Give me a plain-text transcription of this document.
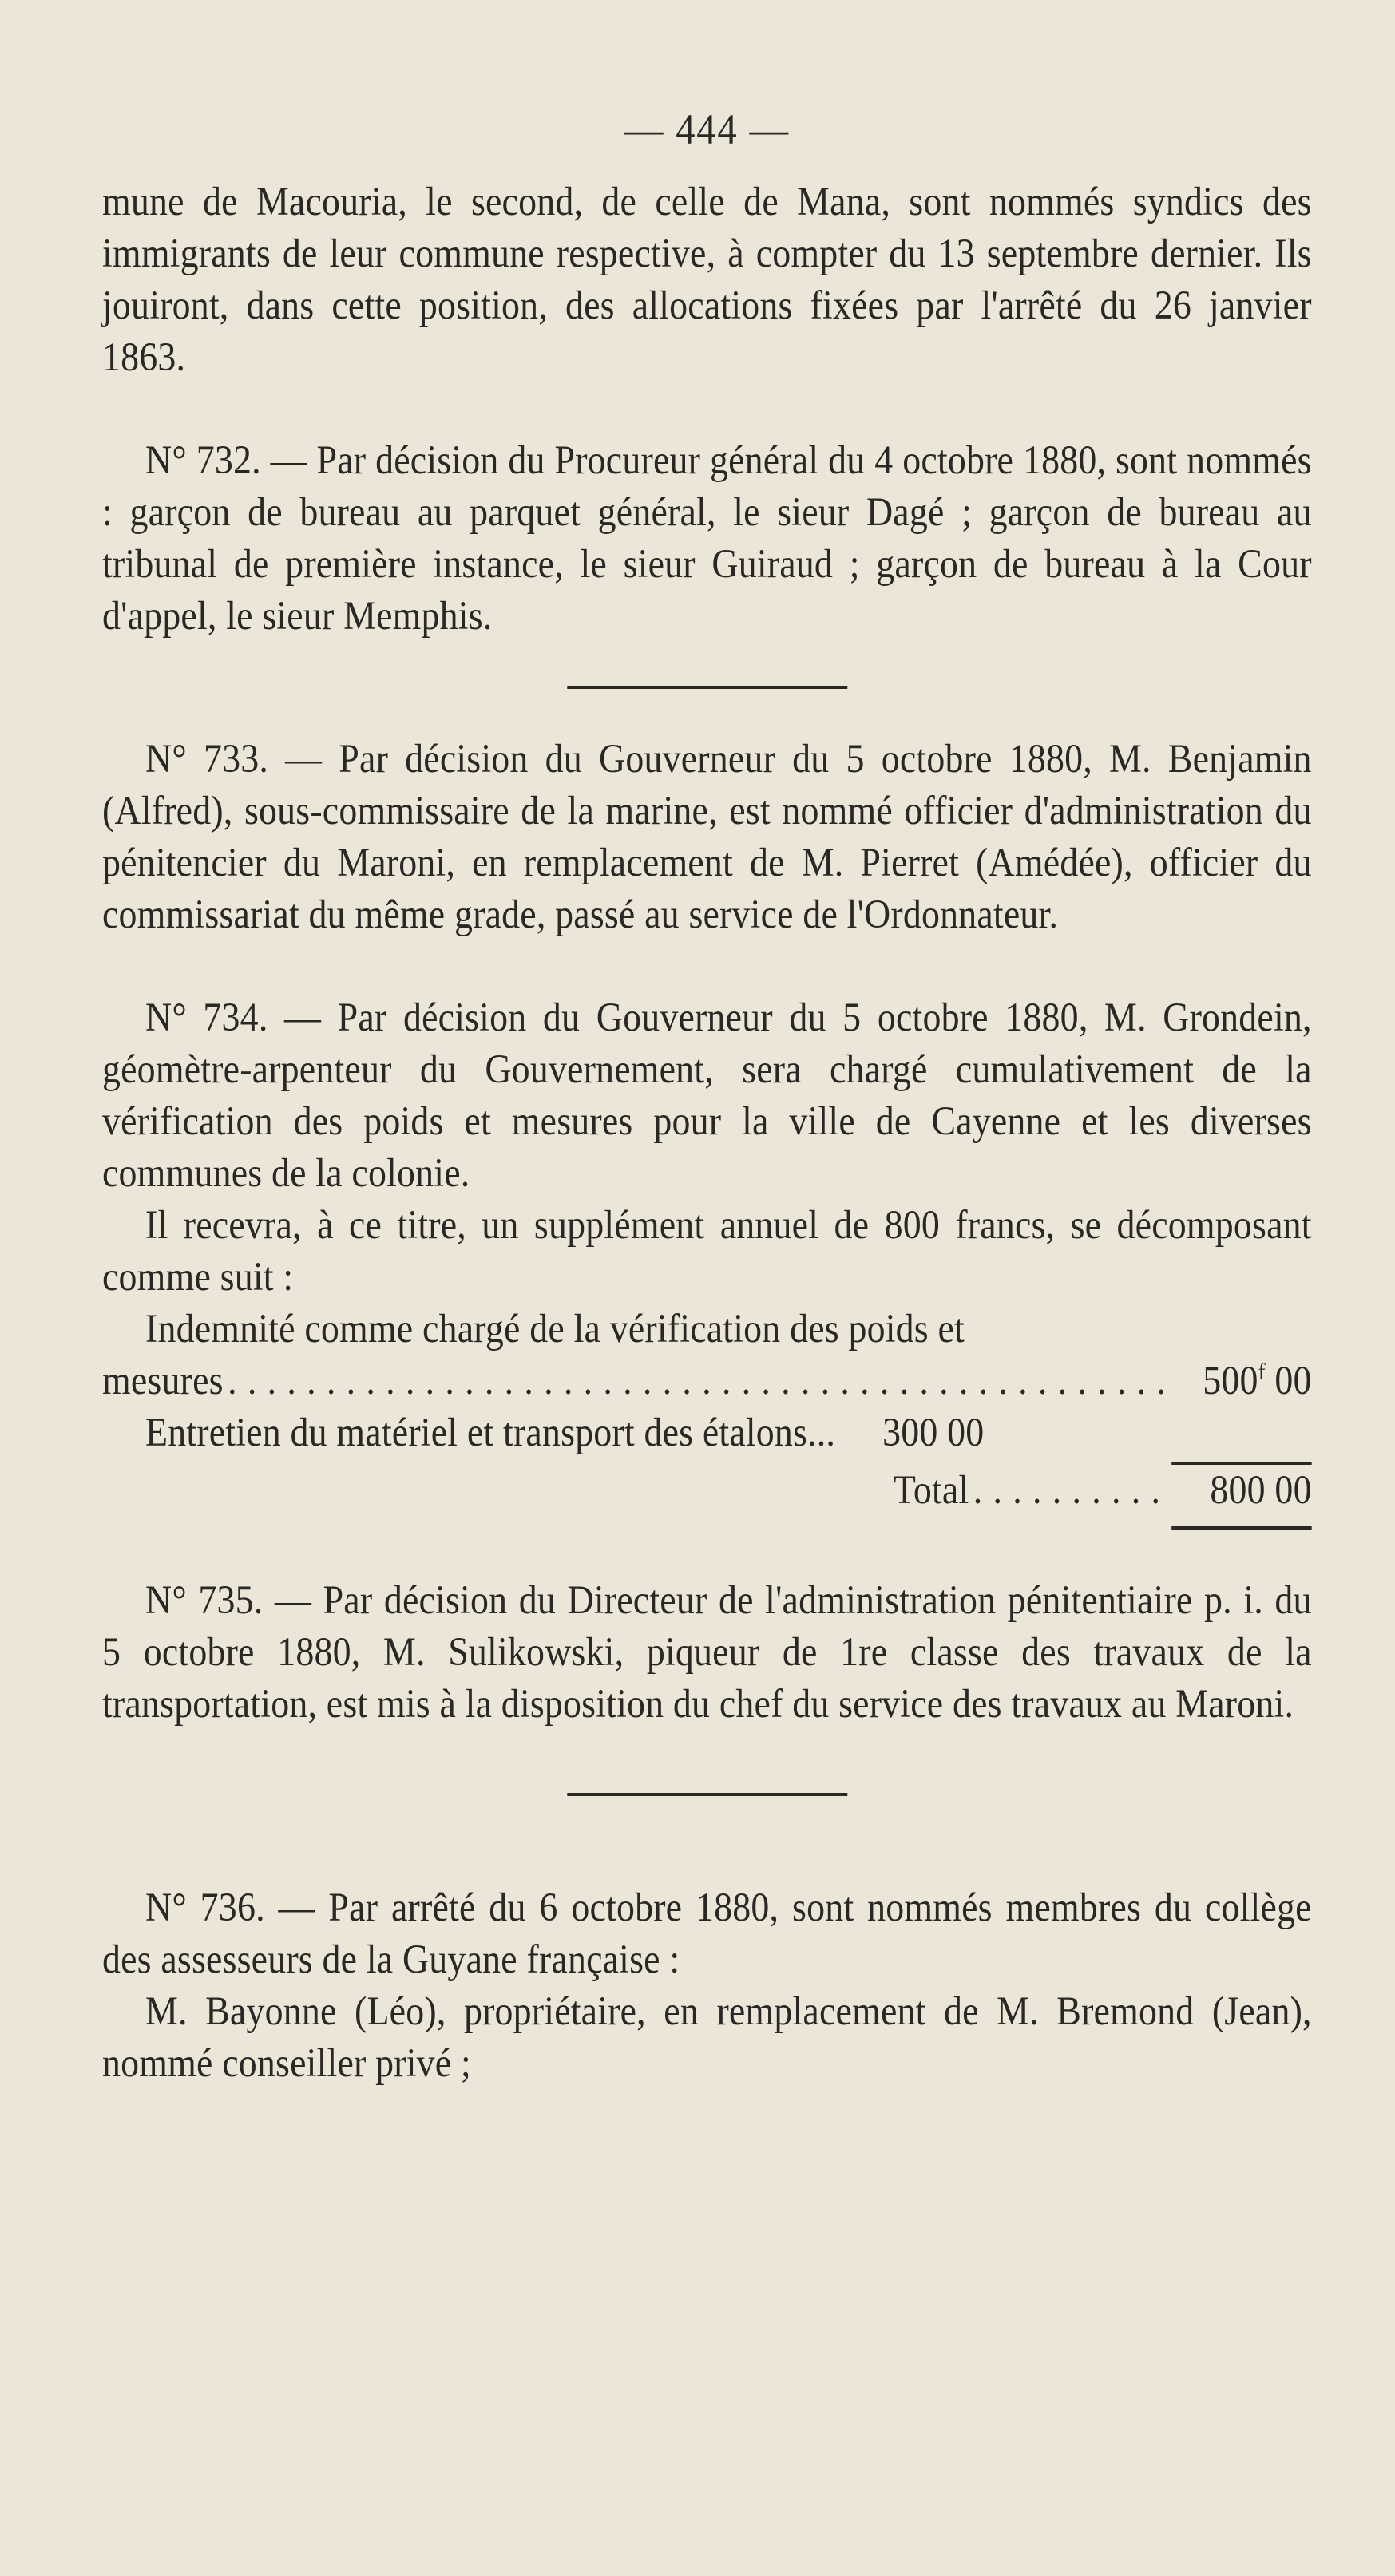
— 444 —

mune de Macouria, le second, de celle de Mana, sont nommés syndics des immigrants de leur commune respective, à compter du 13 septembre dernier. Ils jouiront, dans cette position, des allocations fixées par l'arrêté du 26 janvier 1863.

N° 732. — Par décision du Procureur général du 4 octobre 1880, sont nommés : garçon de bureau au parquet général, le sieur Dagé ; garçon de bureau au tribunal de première instance, le sieur Guiraud ; garçon de bureau à la Cour d'appel, le sieur Memphis.

N° 733. — Par décision du Gouverneur du 5 octobre 1880, M. Benjamin (Alfred), sous-commissaire de la marine, est nommé officier d'administration du pénitencier du Maroni, en remplacement de M. Pierret (Amédée), officier du commissariat du même grade, passé au service de l'Ordonnateur.

N° 734. — Par décision du Gouverneur du 5 octobre 1880, M. Grondein, géomètre-arpenteur du Gouvernement, sera chargé cumulativement de la vérification des poids et mesures pour la ville de Cayenne et les diverses communes de la colonie.

Il recevra, à ce titre, un supplément annuel de 800 francs, se décomposant comme suit :

Indemnité comme chargé de la vérification des poids et

mesures . . .	500$^f$ 00
Entretien du matériel et transport des étalons...	300 00
Total . . .	800 00

N° 735. — Par décision du Directeur de l'administration pénitentiaire p. i. du 5 octobre 1880, M. Sulikowski, piqueur de 1re classe des travaux de la transportation, est mis à la disposition du chef du service des travaux au Maroni.

N° 736. — Par arrêté du 6 octobre 1880, sont nommés membres du collège des assesseurs de la Guyane française :

M. Bayonne (Léo), propriétaire, en remplacement de M. Bremond (Jean), nommé conseiller privé ;
